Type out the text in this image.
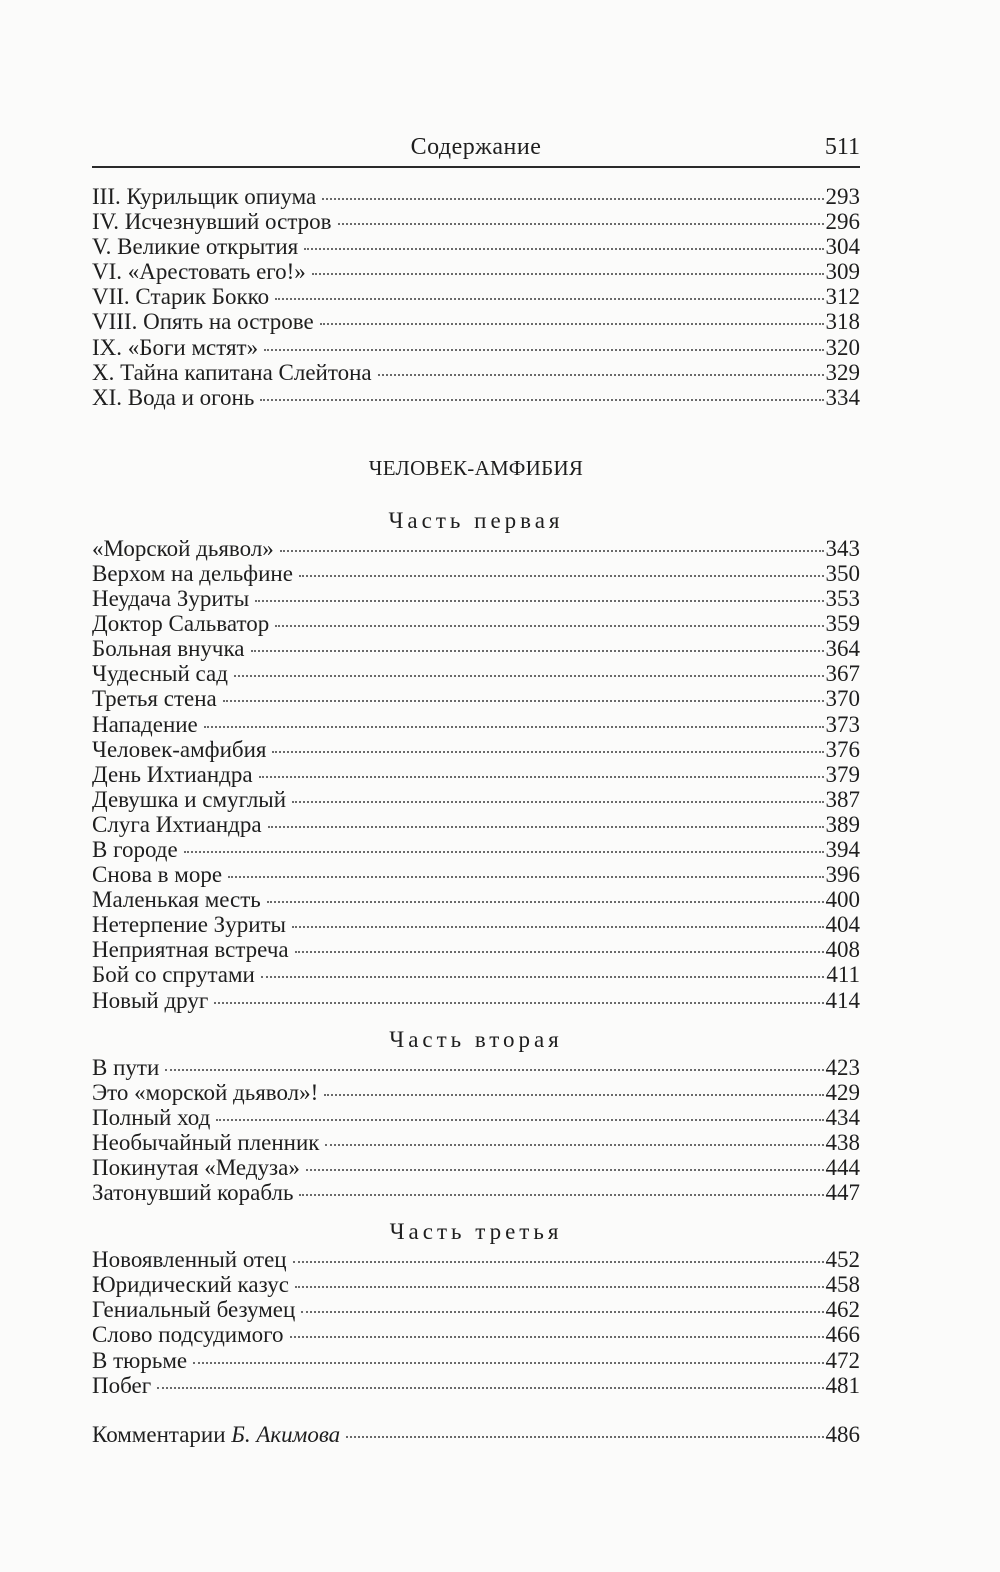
Содержание	511
III. Курильщик опиума	293
IV. Исчезнувший остров	296
V. Великие открытия	304
VI. «Арестовать его!»	309
VII. Старик Бокко	312
VIII. Опять на острове	318
IX. «Боги мстят»	320
X. Тайна капитана Слейтона	329
XI. Вода и огонь	334
ЧЕЛОВЕК-АМФИБИЯ
Часть первая
«Морской дьявол»	343
Верхом на дельфине	350
Неудача Зуриты	353
Доктор Сальватор	359
Больная внучка	364
Чудесный сад	367
Третья стена	370
Нападение	373
Человек-амфибия	376
День Ихтиандра	379
Девушка и смуглый	387
Слуга Ихтиандра	389
В городе	394
Снова в море	396
Маленькая месть	400
Нетерпение Зуриты	404
Неприятная встреча	408
Бой со спрутами	411
Новый друг	414
Часть вторая
В пути	423
Это «морской дьявол»!	429
Полный ход	434
Необычайный пленник	438
Покинутая «Медуза»	444
Затонувший корабль	447
Часть третья
Новоявленный отец	452
Юридический казус	458
Гениальный безумец	462
Слово подсудимого	466
В тюрьме	472
Побег	481
Комментарии Б. Акимова	486
